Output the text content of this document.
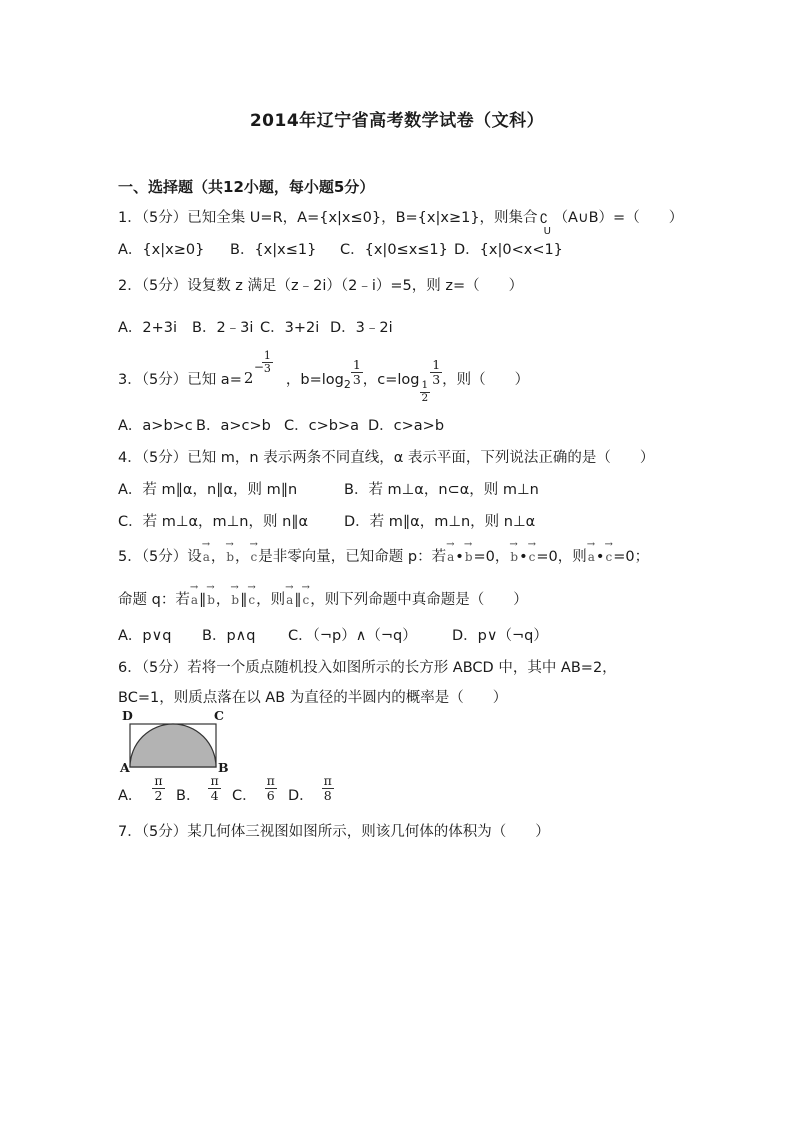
2014年辽宁省高考数学试卷（文科）
一、选择题（共12小题，每小题5分）
1．（5分）已知全集 U=R，A={x|x≤0}，B={x|x≥1}，则集合 ∁
U
（A∪B）=（　　）
A．{x|x≥0} B．{x|x≤1} C．{x|0≤x≤1} D．{x|0<x<1}
2．（5分）设复数 z 满足（z﹣2i）（2﹣i）=5，则 z=（　　）
A．2+3i B．2﹣3i C．3+2i D．3﹣2i
3．（5分）已知 a= 2
−
$\frac{1}{3}$
，$b=\log_2 \frac{1}{3}$ ，$c=\log \frac{1}{2}$
$\frac{1}{3}$ ，则（　　）
A．a>b>c B．a>c>b C．c>b>a D．c>a>b
4．（5分）已知 m，n 表示两条不同直线，α 表示平面，下列说法正确的是（　　）
A．若 m∥α，n∥α，则 m∥n	B．若 m⊥α，n⊂α，则 m⊥n
C．若 m⊥α，m⊥n，则 n∥α D．若 m∥α，m⊥n，则 n⊥α
5．（5分）设→ a，→ b，→ c是非零向量，已知命题 p：若→ a•→ b=0，→ b•→ c=0，则→ a•→ c=0；
命题 q：若→ a∥→ b，→ b∥→ c，则→ a∥→ c，则下列命题中真命题是（　　）
A．p∨q B．p∧q C．（¬p）∧（¬q） D．p∨（¬q）
6．（5分）若将一个质点随机投入如图所示的长方形 ABCD 中，其中 AB=2，
BC=1，则质点落在以 AB 为直径的半圆内的概率是（　　）
D	C
A	B
A． $\frac{\pi}{2}$ B． $\frac{\pi}{4}$ C． $\frac{\pi}{6}$ D． $\frac{\pi}{8}$
7．（5分）某几何体三视图如图所示，则该几何体的体积为（　　）
